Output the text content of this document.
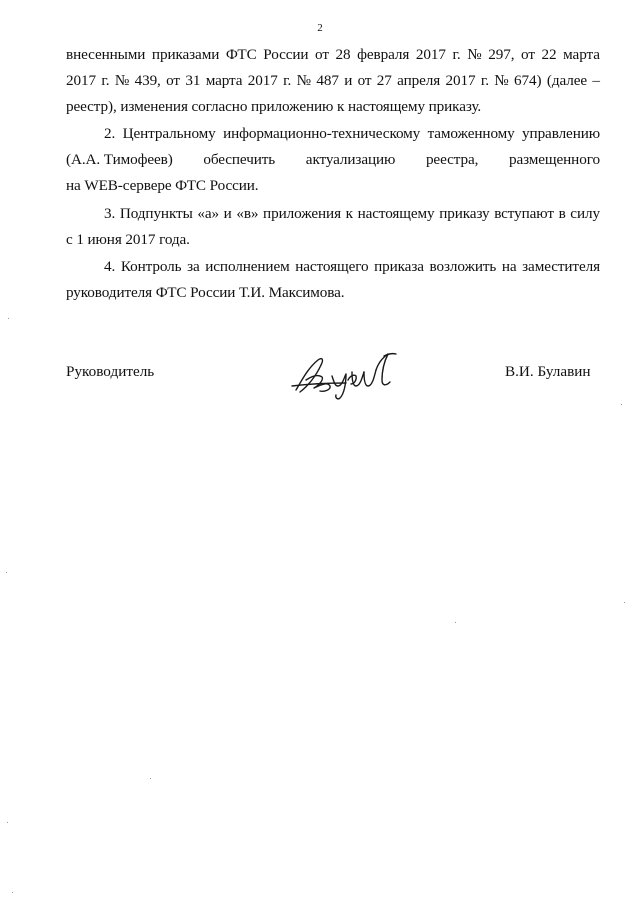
2
внесенными приказами ФТС России от 28 февраля 2017 г. № 297, от 22 марта
2017 г. № 439, от 31 марта 2017 г. № 487 и от 27 апреля 2017 г. № 674) (далее –
реестр), изменения согласно приложению к настоящему приказу.
2. Центральному информационно-техническому таможенному управлению
(А.А. Тимофеев) обеспечить актуализацию реестра, размещенного
на WEB-сервере ФТС России.
3. Подпункты «а» и «в» приложения к настоящему приказу вступают в силу
с 1 июня 2017 года.
4. Контроль за исполнением настоящего приказа возложить на заместителя
руководителя ФТС России Т.И. Максимова.
Руководитель	В.И. Булавин
